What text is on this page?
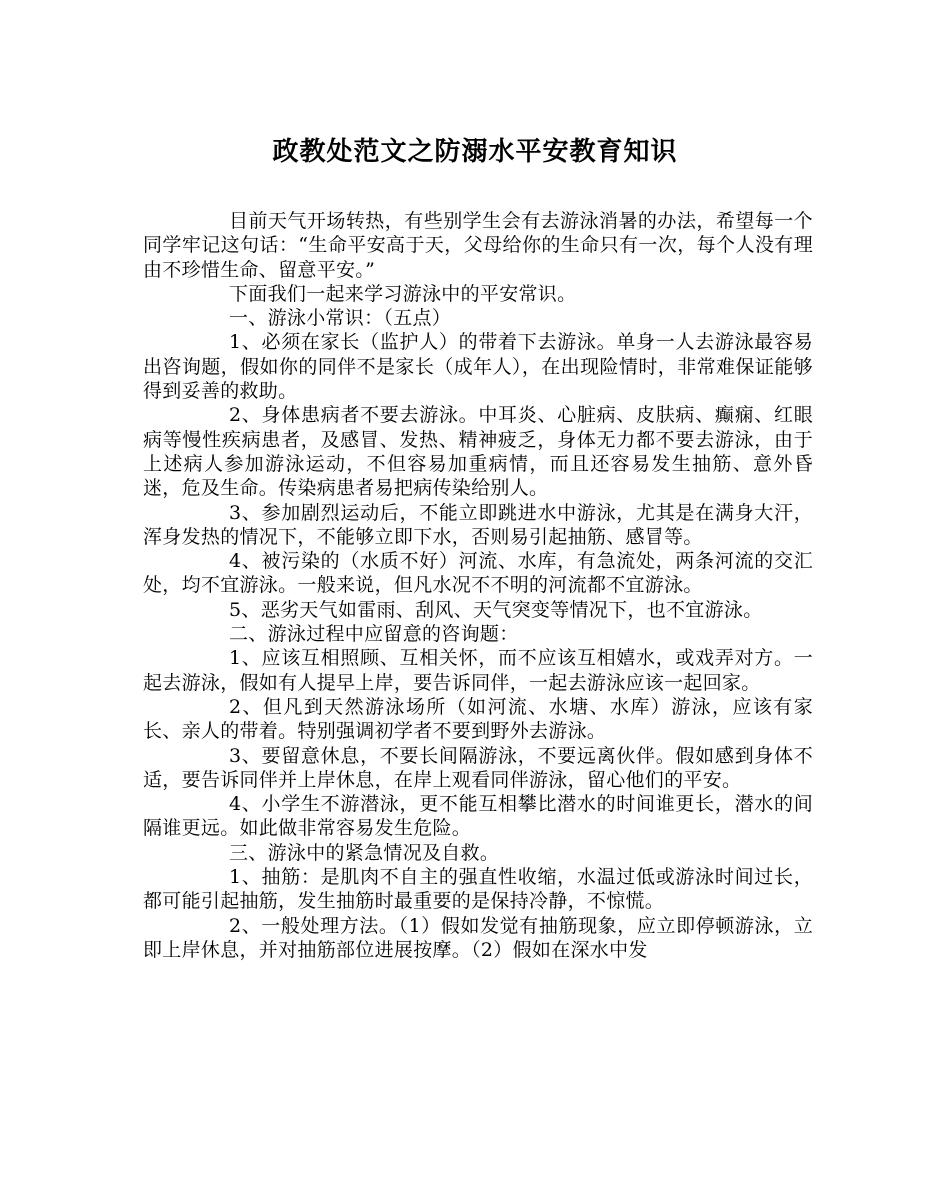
政教处范文之防溺水平安教育知识

目前天气开场转热，有些别学生会有去游泳消暑的办法，希望每一个同学牢记这句话：“生命平安高于天，父母给你的生命只有一次，每个人没有理由不珍惜生命、留意平安。”

下面我们一起来学习游泳中的平安常识。

一、游泳小常识：（五点）

1、必须在家长（监护人）的带着下去游泳。单身一人去游泳最容易出咨询题，假如你的同伴不是家长（成年人），在出现险情时，非常难保证能够得到妥善的救助。

2、身体患病者不要去游泳。中耳炎、心脏病、皮肤病、癫痫、红眼病等慢性疾病患者，及感冒、发热、精神疲乏，身体无力都不要去游泳，由于上述病人参加游泳运动，不但容易加重病情，而且还容易发生抽筋、意外昏迷，危及生命。传染病患者易把病传染给别人。

3、参加剧烈运动后，不能立即跳进水中游泳，尤其是在满身大汗，浑身发热的情况下，不能够立即下水，否则易引起抽筋、感冒等。

4、被污染的（水质不好）河流、水库，有急流处，两条河流的交汇处，均不宜游泳。一般来说，但凡水况不不明的河流都不宜游泳。

5、恶劣天气如雷雨、刮风、天气突变等情况下，也不宜游泳。

二、游泳过程中应留意的咨询题：

1、应该互相照顾、互相关怀，而不应该互相嬉水，或戏弄对方。一起去游泳，假如有人提早上岸，要告诉同伴，一起去游泳应该一起回家。

2、但凡到天然游泳场所（如河流、水塘、水库）游泳，应该有家长、亲人的带着。特别强调初学者不要到野外去游泳。

3、要留意休息，不要长间隔游泳，不要远离伙伴。假如感到身体不适，要告诉同伴并上岸休息，在岸上观看同伴游泳，留心他们的平安。

4、小学生不游潜泳，更不能互相攀比潜水的时间谁更长，潜水的间隔谁更远。如此做非常容易发生危险。

三、游泳中的紧急情况及自救。

1、抽筋：是肌肉不自主的强直性收缩，水温过低或游泳时间过长，都可能引起抽筋，发生抽筋时最重要的是保持冷静，不惊慌。

2、一般处理方法。（1）假如发觉有抽筋现象，应立即停顿游泳，立即上岸休息，并对抽筋部位进展按摩。（2）假如在深水中发
